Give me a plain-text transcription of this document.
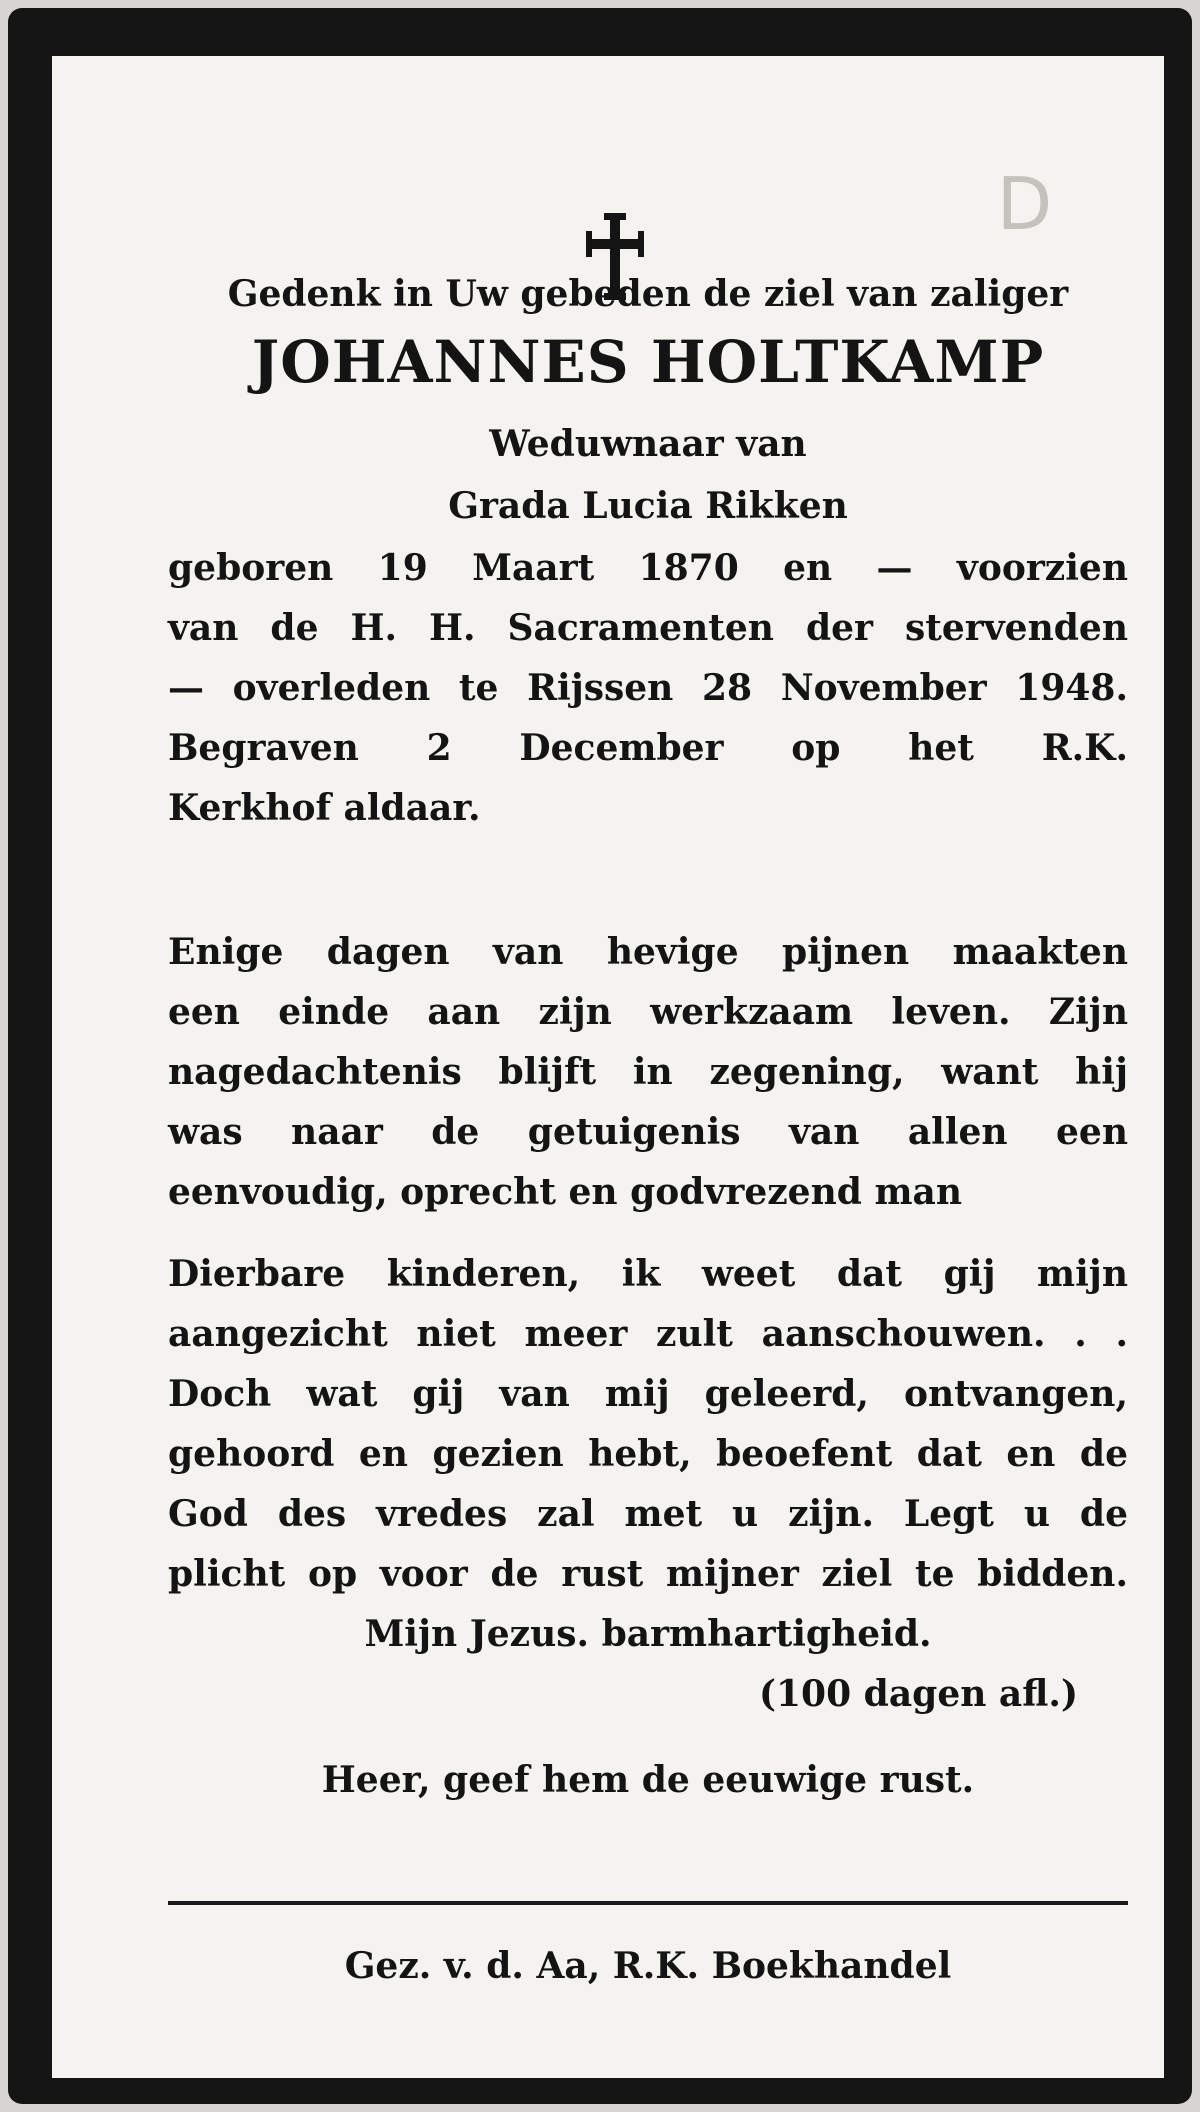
D
Gedenk in Uw gebeden de ziel van zaliger
JOHANNES HOLTKAMP
Weduwnaar van
Grada Lucia Rikken
geboren 19 Maart 1870 en — voorzien
van de H. H. Sacramenten der stervenden
— overleden te Rijssen 28 November 1948.
Begraven 2 December op het R.K.
Kerkhof aldaar.
Enige dagen van hevige pijnen maakten
een einde aan zijn werkzaam leven. Zijn
nagedachtenis blijft in zegening, want hij
was naar de getuigenis van allen een
eenvoudig, oprecht en godvrezend man
Dierbare kinderen, ik weet dat gij mijn
aangezicht niet meer zult aanschouwen. . .
Doch wat gij van mij geleerd, ontvangen,
gehoord en gezien hebt, beoefent dat en de
God des vredes zal met u zijn. Legt u de
plicht op voor de rust mijner ziel te bidden.
Mijn Jezus. barmhartigheid.
(100 dagen afl.)
Heer, geef hem de eeuwige rust.
Gez. v. d. Aa, R.K. Boekhandel
